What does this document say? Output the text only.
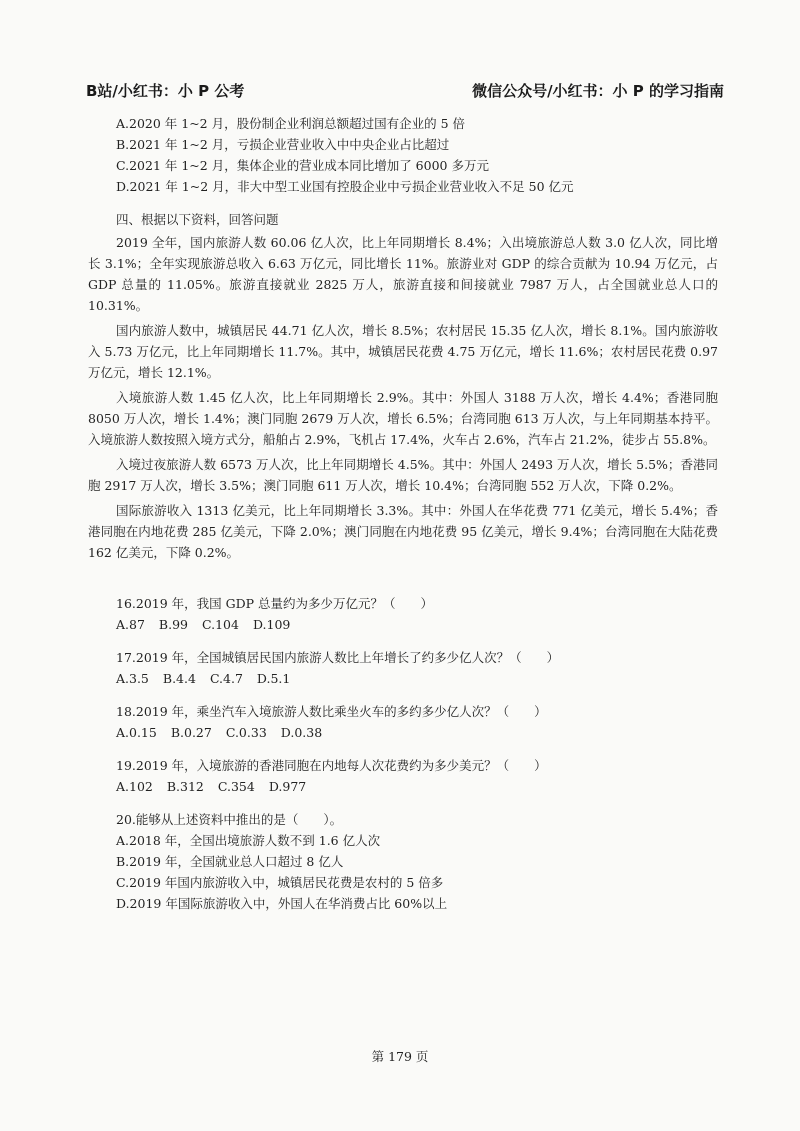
B站/小红书：小 P 公考	微信公众号/小红书：小 P 的学习指南

A.2020 年 1~2 月，股份制企业利润总额超过国有企业的 5 倍

B.2021 年 1~2 月，亏损企业营业收入中中央企业占比超过

C.2021 年 1~2 月，集体企业的营业成本同比增加了 6000 多万元

D.2021 年 1~2 月，非大中型工业国有控股企业中亏损企业营业收入不足 50 亿元

四、根据以下资料，回答问题

2019 全年，国内旅游人数 60.06 亿人次，比上年同期增长 8.4%；入出境旅游总人数 3.0 亿人次，同比增长 3.1%；全年实现旅游总收入 6.63 万亿元，同比增长 11%。旅游业对 GDP 的综合贡献为 10.94 万亿元，占 GDP 总量的 11.05%。旅游直接就业 2825 万人，旅游直接和间接就业 7987 万人，占全国就业总人口的 10.31%。

国内旅游人数中，城镇居民 44.71 亿人次，增长 8.5%；农村居民 15.35 亿人次，增长 8.1%。国内旅游收入 5.73 万亿元，比上年同期增长 11.7%。其中，城镇居民花费 4.75 万亿元，增长 11.6%；农村居民花费 0.97 万亿元，增长 12.1%。

入境旅游人数 1.45 亿人次，比上年同期增长 2.9%。其中：外国人 3188 万人次，增长 4.4%；香港同胞 8050 万人次，增长 1.4%；澳门同胞 2679 万人次，增长 6.5%；台湾同胞 613 万人次，与上年同期基本持平。入境旅游人数按照入境方式分，船舶占 2.9%，飞机占 17.4%，火车占 2.6%，汽车占 21.2%，徒步占 55.8%。

入境过夜旅游人数 6573 万人次，比上年同期增长 4.5%。其中：外国人 2493 万人次，增长 5.5%；香港同胞 2917 万人次，增长 3.5%；澳门同胞 611 万人次，增长 10.4%；台湾同胞 552 万人次，下降 0.2%。

国际旅游收入 1313 亿美元，比上年同期增长 3.3%。其中：外国人在华花费 771 亿美元，增长 5.4%；香港同胞在内地花费 285 亿美元，下降 2.0%；澳门同胞在内地花费 95 亿美元，增长 9.4%；台湾同胞在大陆花费 162 亿美元，下降 0.2%。

16.2019 年，我国 GDP 总量约为多少万亿元？（　　）

A.87 B.99 C.104 D.109

17.2019 年，全国城镇居民国内旅游人数比上年增长了约多少亿人次？（　　）

A.3.5 B.4.4 C.4.7 D.5.1

18.2019 年，乘坐汽车入境旅游人数比乘坐火车的多约多少亿人次？（　　）

A.0.15 B.0.27 C.0.33 D.0.38

19.2019 年，入境旅游的香港同胞在内地每人次花费约为多少美元？（　　）

A.102 B.312 C.354 D.977

20.能够从上述资料中推出的是（　　）。

A.2018 年，全国出境旅游人数不到 1.6 亿人次

B.2019 年，全国就业总人口超过 8 亿人

C.2019 年国内旅游收入中，城镇居民花费是农村的 5 倍多

D.2019 年国际旅游收入中，外国人在华消费占比 60%以上

第 179 页
